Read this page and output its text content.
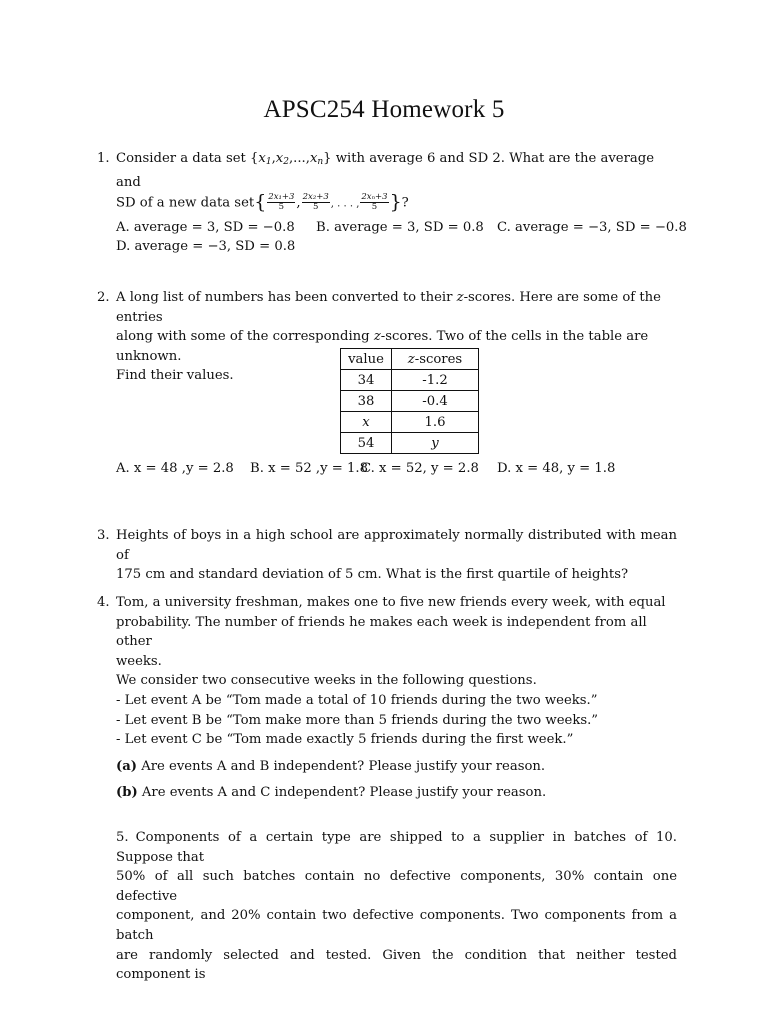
APSC254 Homework 5
1. Consider a data set $\{x_1,x_2,...,x_n\}$ with average 6 and SD 2. What are the average and
SD of a new data $set\{ \frac{\text{2x₁+3}}{5}$ , $\frac{\text{2x₂+3}}{5}$ , . . . , $\frac{\text{2xₙ+3}}{5}$ }?
A. average = 3, SD = −0.8 B. average = 3, SD = 0.8 C. average = −3, SD = −0.8
D. average = −3, SD = 0.8
2. A long list of numbers has been converted to their z-scores. Here are some of the entries
along with some of the corresponding z-scores. Two of the cells in the table are unknown.
Find their values.
value	z-scores
34	-1.2
38	-0.4
x	1.6
54	y
A. x = 48 ,y = 2.8 B. x = 52 ,y = 1.8
C. x = 52, y = 2.8 D. x = 48, y = 1.8
3. Heights of boys in a high school are approximately normally distributed with mean of
175 cm and standard deviation of 5 cm. What is the first quartile of heights?
4. Tom, a university freshman, makes one to five new friends every week, with equal
probability. The number of friends he makes each week is independent from all other
weeks.
We consider two consecutive weeks in the following questions.
- Let event A be “Tom made a total of 10 friends during the two weeks.”
- Let event B be “Tom make more than 5 friends during the two weeks.”
- Let event C be “Tom made exactly 5 friends during the first week.”
(a) Are events A and B independent? Please justify your reason.
(b) Are events A and C independent? Please justify your reason.
5. Components of a certain type are shipped to a supplier in batches of 10. Suppose that
50% of all such batches contain no defective components, 30% contain one defective
component, and 20% contain two defective components. Two components from a batch
are randomly selected and tested. Given the condition that neither tested component is
